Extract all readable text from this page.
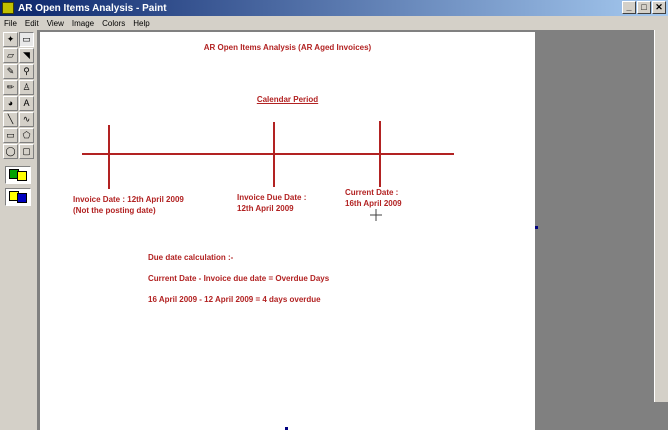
AR Open Items Analysis - Paint	_	□ ✕
File	Edit	View	Image	Colors	Help
✦ ▭
▱	◥
✎ ⚲
✏ ♙
◕	A
╲	∿
▭ ⬠
◯ ▢
AR Open Items Analysis (AR Aged Invoices)
Calendar Period
Invoice Date : 12th April 2009
(Not the posting date)
Invoice Due Date :
12th April 2009
Current Date :
16th April 2009
Due date calculation :-
Current Date - Invoice due date = Overdue Days
16 April 2009 - 12 April 2009 = 4 days overdue
